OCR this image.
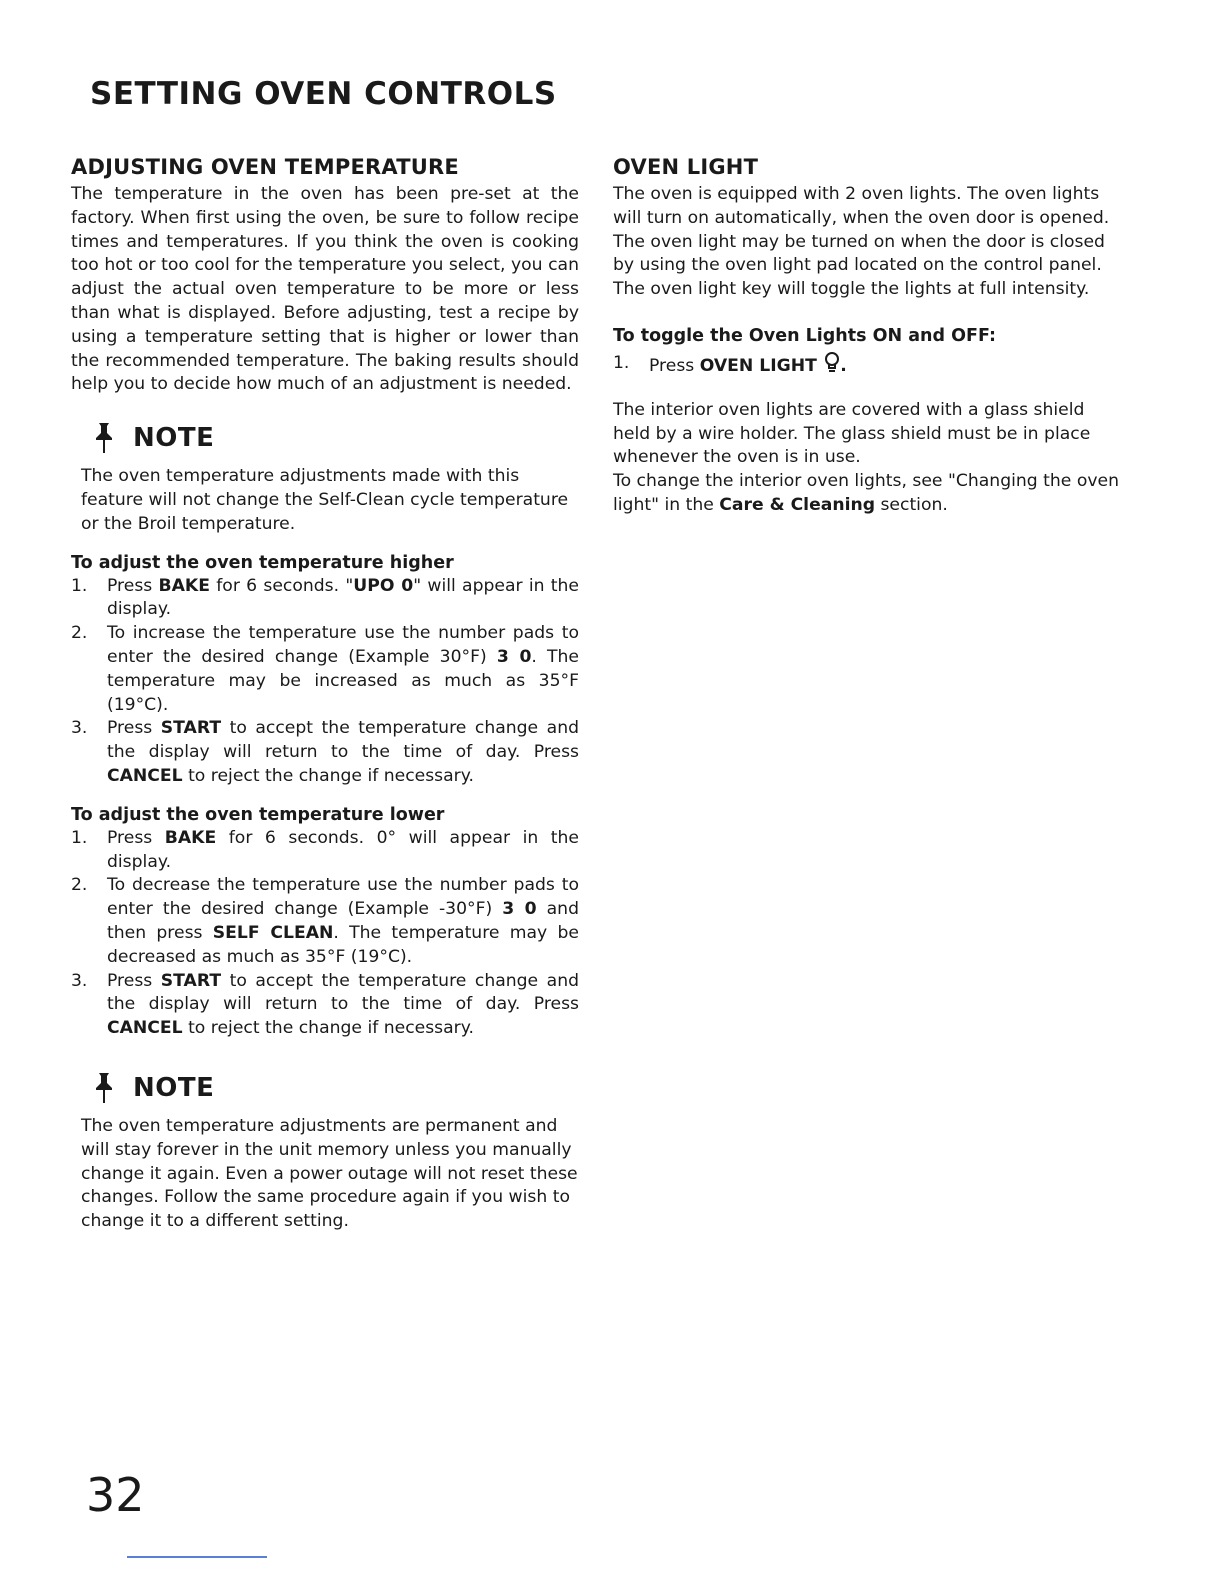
SETTING OVEN CONTROLS
ADJUSTING OVEN TEMPERATURE

The temperature in the oven has been pre-set at the factory. When first using the oven, be sure to follow recipe times and temperatures. If you think the oven is cooking too hot or too cool for the temperature you select, you can adjust the actual oven temperature to be more or less than what is displayed. Before adjusting, test a recipe by using a temperature setting that is higher or lower than the recommended temperature. The baking results should help you to decide how much of an adjustment is needed.

NOTE

The oven temperature adjustments made with this feature will not change the Self-Clean cycle temperature or the Broil temperature.

To adjust the oven temperature higher
1. Press BAKE for 6 seconds. "UPO 0" will appear in the display.
2. To increase the temperature use the number pads to enter the desired change (Example 30°F) 3 0. The temperature may be increased as much as 35°F (19°C).
3. Press START to accept the temperature change and the display will return to the time of day. Press CANCEL to reject the change if necessary.
To adjust the oven temperature lower
1. Press BAKE for 6 seconds. 0° will appear in the display.
2. To decrease the temperature use the number pads to enter the desired change (Example -30°F) 3 0 and then press SELF CLEAN. The temperature may be decreased as much as 35°F (19°C).
3. Press START to accept the temperature change and the display will return to the time of day. Press CANCEL to reject the change if necessary.
NOTE

The oven temperature adjustments are permanent and will stay forever in the unit memory unless you manually change it again. Even a power outage will not reset these changes. Follow the same procedure again if you wish to change it to a different setting.

OVEN LIGHT

The oven is equipped with 2 oven lights. The oven lights will turn on automatically, when the oven door is opened.

The oven light may be turned on when the door is closed by using the oven light pad located on the control panel. The oven light key will toggle the lights at full intensity.

To toggle the Oven Lights ON and OFF:
1. Press OVEN LIGHT .

The interior oven lights are covered with a glass shield held by a wire holder. The glass shield must be in place whenever the oven is in use.

To change the interior oven lights, see "Changing the oven light" in the Care & Cleaning section.

32
